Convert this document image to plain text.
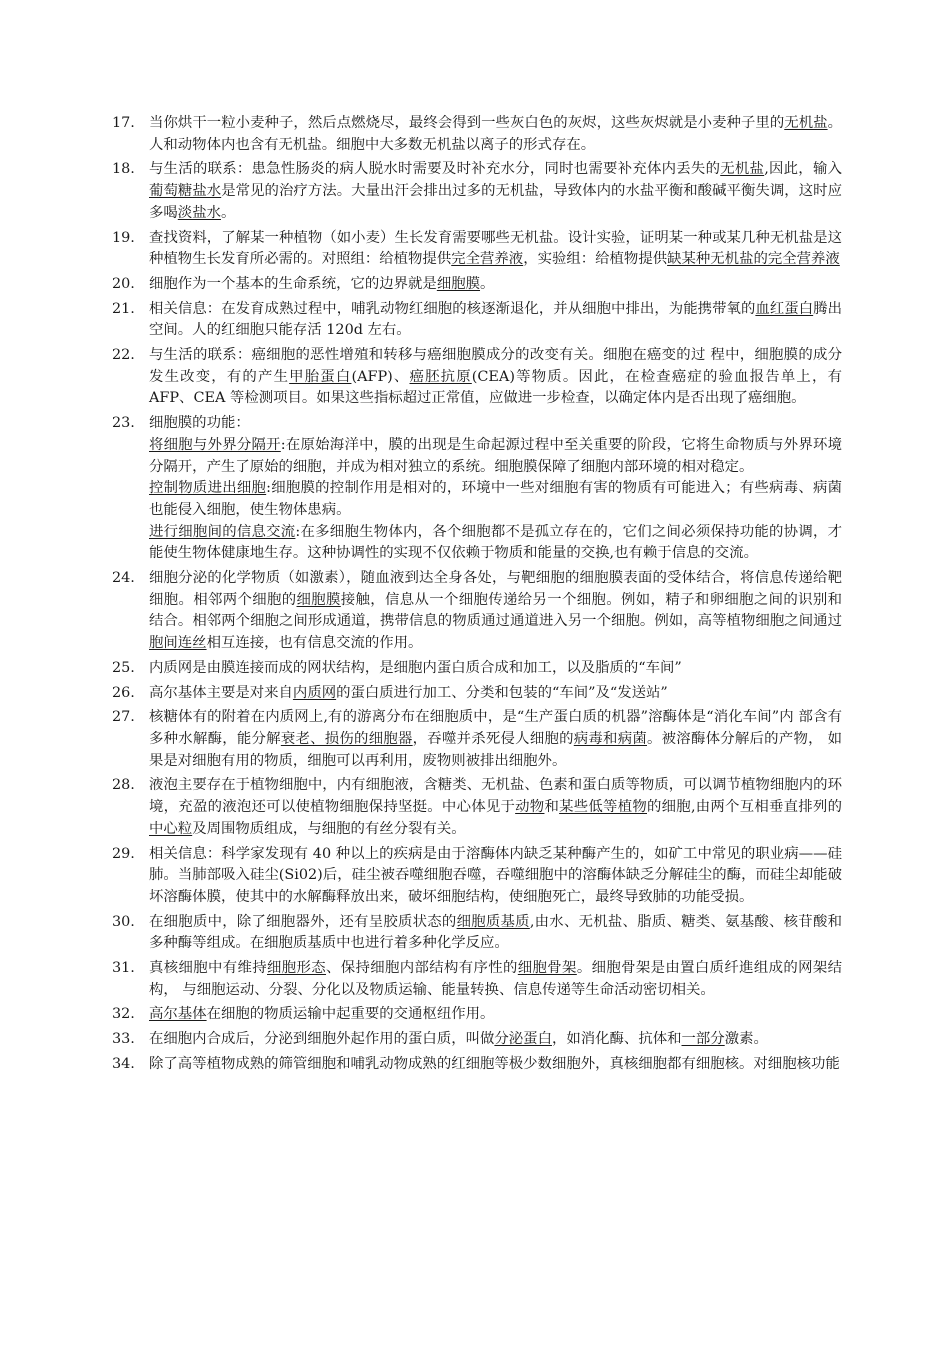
17. 当你烘干一粒小麦种子，然后点燃烧尽，最终会得到一些灰白色的灰烬，这些灰烬就是小麦种子里的无机盐。 人和动物体内也含有无机盐。细胞中大多数无机盐以离子的形式存在。
18. 与生活的联系：患急性肠炎的病人脱水时需要及时补充水分，同时也需要补充体内丢失的无机盐,因此，输入 葡萄糖盐水是常见的治疗方法。大量出汗会排出过多的无机盐，导致体内的水盐平衡和酸碱平衡失调，这时应 多喝淡盐水。
19. 查找资料，了解某一种植物（如小麦）生长发育需要哪些无机盐。设计实验，证明某一种或某几种无机盐是这 种植物生长发育所必需的。对照组：给植物提供完全营养液，实验组：给植物提供缺某种无机盐的完全营养液
20. 细胞作为一个基本的生命系统，它的边界就是细胞膜。
21. 相关信息：在发育成熟过程中，哺乳动物红细胞的核逐渐退化，并从细胞中排出，为能携带氧的血红蛋白腾出 空间。人的红细胞只能存活 120d 左右。
22. 与生活的联系：癌细胞的恶性增殖和转移与癌细胞膜成分的改变有关。细胞在癌变的过 程中，细胞膜的成分发生改变，有的产生甲胎蛋白(AFP)、癌胚抗原(CEA)等物质。因此，在检查癌症的验血报告单上，有 AFP、CEA 等检测项目。如果这些指标超过正常值，应做进一步检查，以确定体内是否出现了癌细胞。
23. 细胞膜的功能：
将细胞与外界分隔开:在原始海洋中，膜的出现是生命起源过程中至关重要的阶段，它将生命物质与外界环境 分隔开，产生了原始的细胞，并成为相对独立的系统。细胞膜保障了细胞内部环境的相对稳定。
控制物质进出细胞:细胞膜的控制作用是相对的，环境中一些对细胞有害的物质有可能进入；有些病毒、病菌 也能侵入细胞，使生物体患病。
进行细胞间的信息交流:在多细胞生物体内，各个细胞都不是孤立存在的，它们之间必须保持功能的协调，才 能使生物体健康地生存。这种协调性的实现不仅依赖于物质和能量的交换,也有赖于信息的交流。
24. 细胞分泌的化学物质（如激素），随血液到达全身各处，与靶细胞的细胞膜表面的受体结合，将信息传递给靶 细胞。相邻两个细胞的细胞膜接触，信息从一个细胞传递给另一个细胞。例如，精子和卵细胞之间的识别和 结合。相邻两个细胞之间形成通道，携带信息的物质通过通道进入另一个细胞。例如，高等植物细胞之间通过 胞间连丝相互连接，也有信息交流的作用。
25. 内质网是由膜连接而成的网状结构，是细胞内蛋白质合成和加工，以及脂质的“车间”
26. 高尔基体主要是对来自内质网的蛋白质进行加工、分类和包装的“车间”及“发送站”
27. 核糖体有的附着在内质网上,有的游离分布在细胞质中，是“生产蛋白质的机器”溶酶体是“消化车间”内 部含有多种水解酶，能分解衰老、损伤的细胞器，吞噬并杀死侵人细胞的病毒和病菌。被溶酶体分解后的产物， 如果是对细胞有用的物质，细胞可以再利用，废物则被排出细胞外。
28. 液泡主要存在于植物细胞中，内有细胞液，含糖类、无机盐、色素和蛋白质等物质，可以调节植物细胞内的环 境，充盈的液泡还可以使植物细胞保持坚挺。中心体见于动物和某些低等植物的细胞,由两个互相垂直排列的 中心粒及周围物质组成，与细胞的有丝分裂有关。
29. 相关信息：科学家发现有 40 种以上的疾病是由于溶酶体内缺乏某种酶产生的，如矿工中常见的职业病——硅 肺。当肺部吸入硅尘(Si02)后，硅尘被吞噬细胞吞噬，吞噬细胞中的溶酶体缺乏分解硅尘的酶，而硅尘却能破 坏溶酶体膜，使其中的水解酶释放出来，破坏细胞结构，使细胞死亡，最终导致肺的功能受损。
30. 在细胞质中，除了细胞器外，还有呈胶质状态的细胞质基质,由水、无机盐、脂质、糖类、氨基酸、核苷酸和 多种酶等组成。在细胞质基质中也进行着多种化学反应。
31. 真核细胞中有维持细胞形态、保持细胞内部结构有序性的细胞骨架。细胞骨架是由置白质纤進组成的网架结构， 与细胞运动、分裂、分化以及物质运输、能量转换、信息传递等生命活动密切相关。
32. 高尔基体在细胞的物质运输中起重要的交通枢纽作用。
33. 在细胞内合成后，分泌到细胞外起作用的蛋白质，叫做分泌蛋白，如消化酶、抗体和一部分激素。
34. 除了高等植物成熟的筛管细胞和哺乳动物成熟的红细胞等极少数细胞外，真核细胞都有细胞核。对细胞核功能
